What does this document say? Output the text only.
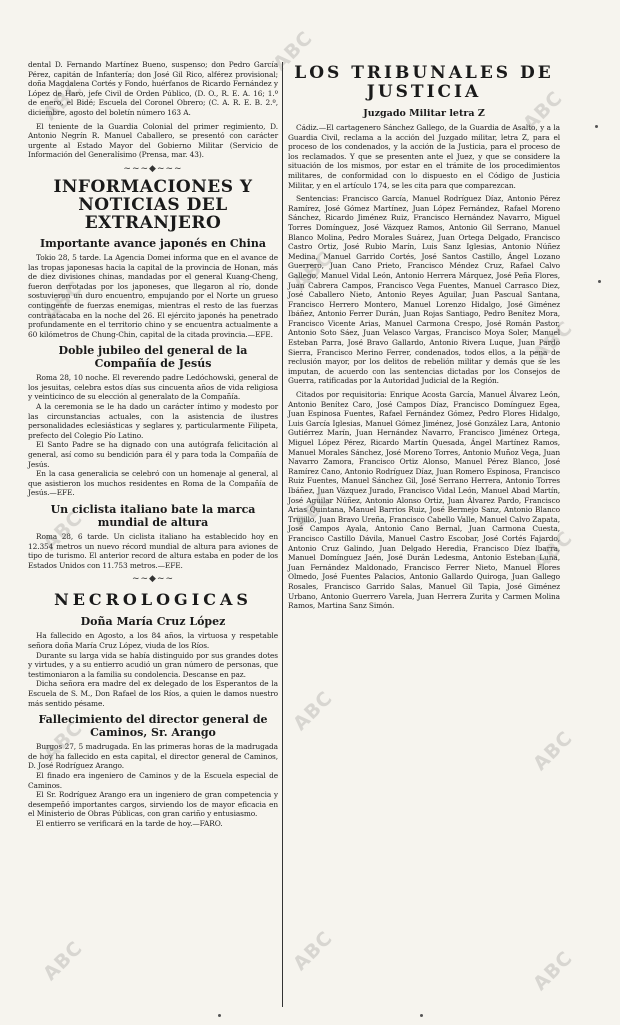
dental D. Fernando Martínez Bueno, suspenso; don Pedro García Pérez, capitán de Infantería; don José Gil Rico, alférez provisional; doña Magdalena Cortés y Fondo, huérfanos de Ricardo Fernández y López de Haro, jefe Civil de Orden Público, (D. O., R. E. A. 16; 1.º de enero, el Bidé; Escuela del Coronel Obrero; (C. A. R. E. B. 2.º, diciembre, agosto del boletín número 163 A.

El teniente de la Guardia Colonial del primer regimiento, D. Antonio Negrín R. Manuel Caballero, se presentó con carácter urgente al Estado Mayor del Gobierno Militar (Servicio de Información del Generalísimo (Prensa, mar. 43).

~~~◆~~~
INFORMACIONES Y NOTICIAS DEL EXTRANJERO
Importante avance japonés en China

Tokio 28, 5 tarde. La Agencia Domei informa que en el avance de las tropas japonesas hacia la capital de la provincia de Honan, más de diez divisiones chinas, mandadas por el general Kuang-Cheng, fueron derrotadas por los japoneses, que llegaron al río, donde sostuvieron un duro encuentro, empujando por el Norte un grueso contingente de fuerzas enemigas, mientras el resto de las fuerzas contraatacaba en la noche del 26. El ejército japonés ha penetrado profundamente en el territorio chino y se encuentra actualmente a 60 kilómetros de Chung-Chin, capital de la citada provincia.—EFE.

Doble jubileo del general de la Compañía de Jesús

Roma 28, 10 noche. El reverendo padre Ledóchowski, general de los jesuitas, celebra estos días sus cincuenta años de vida religiosa y veinticinco de su elección al generalato de la Compañía.

A la ceremonia se le ha dado un carácter íntimo y modesto por las circunstancias actuales, con la asistencia de ilustres personalidades eclesiásticas y seglares y, particularmente Filipeta, prefecto del Colegio Pío Latino.

El Santo Padre se ha dignado con una autógrafa felicitación al general, así como su bendición para él y para toda la Compañía de Jesús.

En la casa generalicia se celebró con un homenaje al general, al que asistieron los muchos residentes en Roma de la Compañía de Jesús.—EFE.

Un ciclista italiano bate la marca mundial de altura

Roma 28, 6 tarde. Un ciclista italiano ha establecido hoy en 12.354 metros un nuevo récord mundial de altura para aviones de tipo de turismo. El anterior record de altura estaba en poder de los Estados Unidos con 11.753 metros.—EFE.

~~◆~~
NECROLOGICAS
Doña María Cruz López

Ha fallecido en Agosto, a los 84 años, la virtuosa y respetable señora doña María Cruz López, viuda de los Ríos.

Durante su larga vida se había distinguido por sus grandes dotes y virtudes, y a su entierro acudió un gran número de personas, que testimoniaron a la familia su condolencia. Descanse en paz.

Dicha señora era madre del ex delegado de los Esperantos de la Escuela de S. M., Don Rafael de los Ríos, a quien le damos nuestro más sentido pésame.

Fallecimiento del director general de Caminos, Sr. Arango

Burgos 27, 5 madrugada. En las primeras horas de la madrugada de hoy ha fallecido en esta capital, el director general de Caminos, D. José Rodríguez Arango.

El finado era ingeniero de Caminos y de la Escuela especial de Caminos.

El Sr. Rodríguez Arango era un ingeniero de gran competencia y desempeñó importantes cargos, sirviendo los de mayor eficacia en el Ministerio de Obras Públicas, con gran cariño y entusiasmo.

El entierro se verificará en la tarde de hoy.—FARO.

LOS TRIBUNALES DE JUSTICIA
Juzgado Militar letra Z

Cádiz.—El cartagenero Sánchez Gallego, de la Guardia de Asalto, y a la Guardia Civil, reclama a la acción del Juzgado militar, letra Z, para el proceso de los condenados, y la acción de la Justicia, para el proceso de los reclamados. Y que se presenten ante el Juez, y que se considere la situación de los mismos, por estar en el trámite de los procedimientos militares, de conformidad con lo dispuesto en el Código de Justicia Militar, y en el artículo 174, se les cita para que comparezcan.

Sentencias: Francisco García, Manuel Rodríguez Díaz, Antonio Pérez Ramírez, José Gómez Martínez, Juan López Fernández, Rafael Moreno Sánchez, Ricardo Jiménez Ruiz, Francisco Hernández Navarro, Miguel Torres Domínguez, José Vázquez Ramos, Antonio Gil Serrano, Manuel Blanco Molina, Pedro Morales Suárez, Juan Ortega Delgado, Francisco Castro Ortiz, José Rubio Marín, Luis Sanz Iglesias, Antonio Núñez Medina, Manuel Garrido Cortés, José Santos Castillo, Ángel Lozano Guerrero, Juan Cano Prieto, Francisco Méndez Cruz, Rafael Calvo Gallego, Manuel Vidal León, Antonio Herrera Márquez, José Peña Flores, Juan Cabrera Campos, Francisco Vega Fuentes, Manuel Carrasco Diez, José Caballero Nieto, Antonio Reyes Aguilar, Juan Pascual Santana, Francisco Herrero Montero, Manuel Lorenzo Hidalgo, José Giménez Ibáñez, Antonio Ferrer Durán, Juan Rojas Santiago, Pedro Benítez Mora, Francisco Vicente Arias, Manuel Carmona Crespo, José Román Pastor, Antonio Soto Sáez, Juan Velasco Vargas, Francisco Moya Soler, Manuel Esteban Parra, José Bravo Gallardo, Antonio Rivera Luque, Juan Pardo Sierra, Francisco Merino Ferrer, condenados, todos ellos, a la pena de reclusión mayor, por los delitos de rebelión militar y demás que se les imputan, de acuerdo con las sentencias dictadas por los Consejos de Guerra, ratificadas por la Autoridad Judicial de la Región.

Citados por requisitoria: Enrique Acosta García, Manuel Álvarez León, Antonio Benítez Caro, José Campos Díaz, Francisco Domínguez Egea, Juan Espinosa Fuentes, Rafael Fernández Gómez, Pedro Flores Hidalgo, Luis García Iglesias, Manuel Gómez Jiménez, José González Lara, Antonio Gutiérrez Marín, Juan Hernández Navarro, Francisco Jiménez Ortega, Miguel López Pérez, Ricardo Martín Quesada, Ángel Martínez Ramos, Manuel Morales Sánchez, José Moreno Torres, Antonio Muñoz Vega, Juan Navarro Zamora, Francisco Ortiz Alonso, Manuel Pérez Blanco, José Ramírez Cano, Antonio Rodríguez Díaz, Juan Romero Espinosa, Francisco Ruiz Fuentes, Manuel Sánchez Gil, José Serrano Herrera, Antonio Torres Ibáñez, Juan Vázquez Jurado, Francisco Vidal León, Manuel Abad Martín, José Aguilar Núñez, Antonio Alonso Ortiz, Juan Álvarez Pardo, Francisco Arias Quintana, Manuel Barrios Ruiz, José Bermejo Sanz, Antonio Blanco Trujillo, Juan Bravo Ureña, Francisco Cabello Valle, Manuel Calvo Zapata, José Campos Ayala, Antonio Cano Bernal, Juan Carmona Cuesta, Francisco Castillo Dávila, Manuel Castro Escobar, José Cortés Fajardo, Antonio Cruz Galindo, Juan Delgado Heredia, Francisco Díez Ibarra, Manuel Domínguez Jaén, José Durán Ledesma, Antonio Esteban Luna, Juan Fernández Maldonado, Francisco Ferrer Nieto, Manuel Flores Olmedo, José Fuentes Palacios, Antonio Gallardo Quiroga, Juan Gallego Rosales, Francisco Garrido Salas, Manuel Gil Tapia, José Giménez Urbano, Antonio Guerrero Varela, Juan Herrera Zurita y Carmen Molina Ramos, Martina Sanz Simón.

ABC
ABC
ABC
ABC
ABC
ABC
ABC	ABC
ABC
ABC
ABC
ABC
ABC	ABC	ABC
